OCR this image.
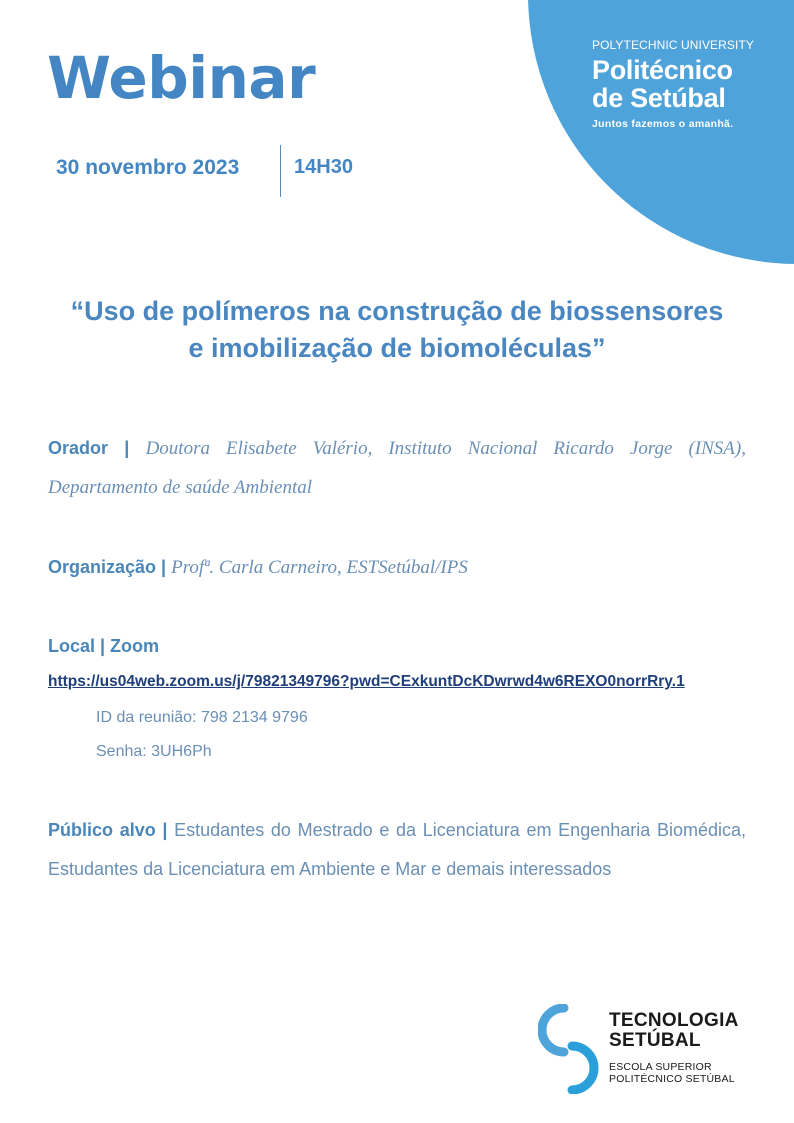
POLYTECHNIC UNIVERSITY
Politécnico
de Setúbal
Juntos fazemos o amanhã.
Webinar
30 novembro 2023	14H30
“Uso de polímeros na construção de biossensores
e imobilização de biomoléculas”
Orador | Doutora Elisabete Valério, Instituto Nacional Ricardo Jorge (INSA), Departamento de saúde Ambiental
Organização | Profª. Carla Carneiro, ESTSetúbal/IPS
Local | Zoom
https://us04web.zoom.us/j/79821349796?pwd=CExkuntDcKDwrwd4w6REXO0norrRry.1
ID da reunião: 798 2134 9796
Senha: 3UH6Ph
Público alvo | Estudantes do Mestrado e da Licenciatura em Engenharia Biomédica, Estudantes da Licenciatura em Ambiente e Mar e demais interessados
TECNOLOGIA
SETÚBAL
ESCOLA SUPERIOR
POLITÉCNICO SETÚBAL
